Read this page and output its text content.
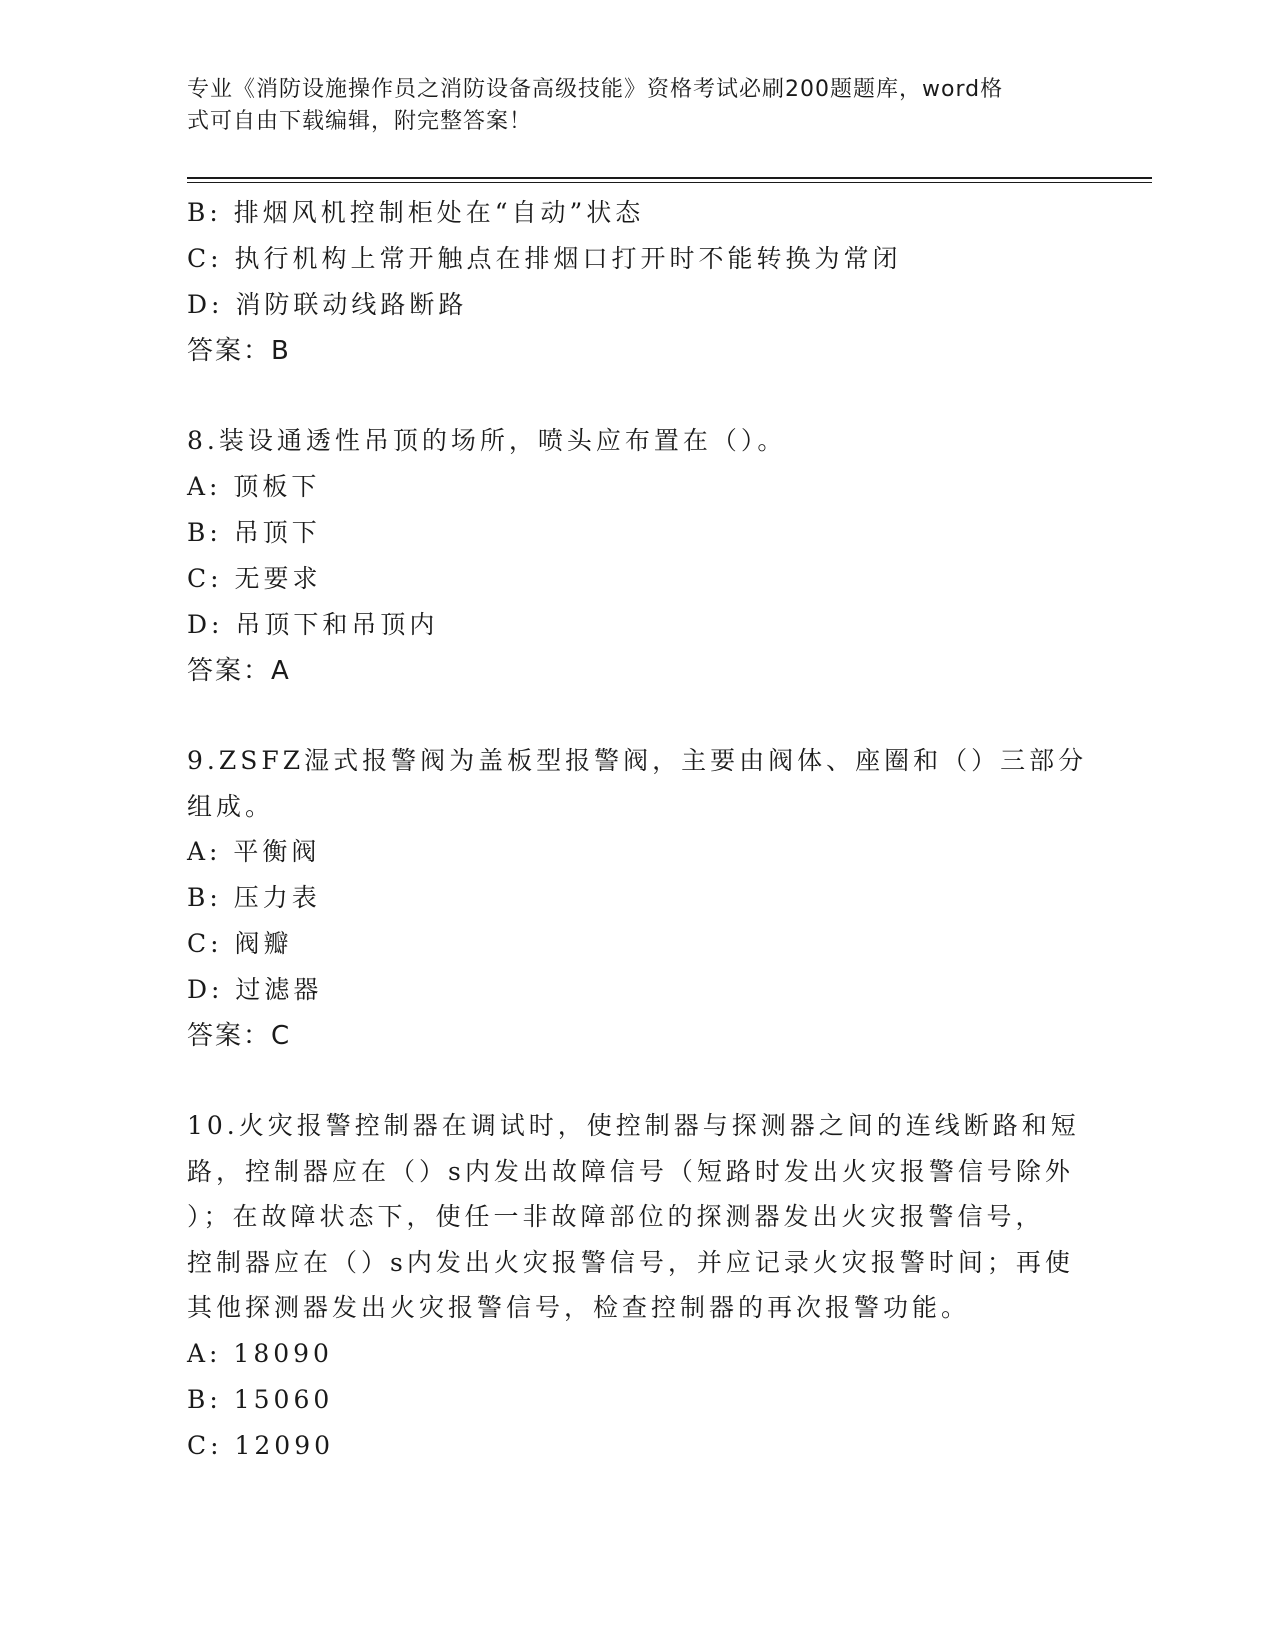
专业《消防设施操作员之消防设备高级技能》资格考试必刷200题题库，word格
式可自由下载编辑，附完整答案！
B: 排烟风机控制柜处在“自动”状态
C: 执行机构上常开触点在排烟口打开时不能转换为常闭
D: 消防联动线路断路
答案：B
8.装设通透性吊顶的场所，喷头应布置在（）。
A: 顶板下
B: 吊顶下
C: 无要求
D: 吊顶下和吊顶内
答案：A
9.ZSFZ湿式报警阀为盖板型报警阀，主要由阀体、座圈和（）三部分
组成。
A: 平衡阀
B: 压力表
C: 阀瓣
D: 过滤器
答案：C
10.火灾报警控制器在调试时，使控制器与探测器之间的连线断路和短
路，控制器应在（）s内发出故障信号（短路时发出火灾报警信号除外
）；在故障状态下，使任一非故障部位的探测器发出火灾报警信号，
控制器应在（）s内发出火灾报警信号，并应记录火灾报警时间；再使
其他探测器发出火灾报警信号，检查控制器的再次报警功能。
A: 18090
B: 15060
C: 12090
